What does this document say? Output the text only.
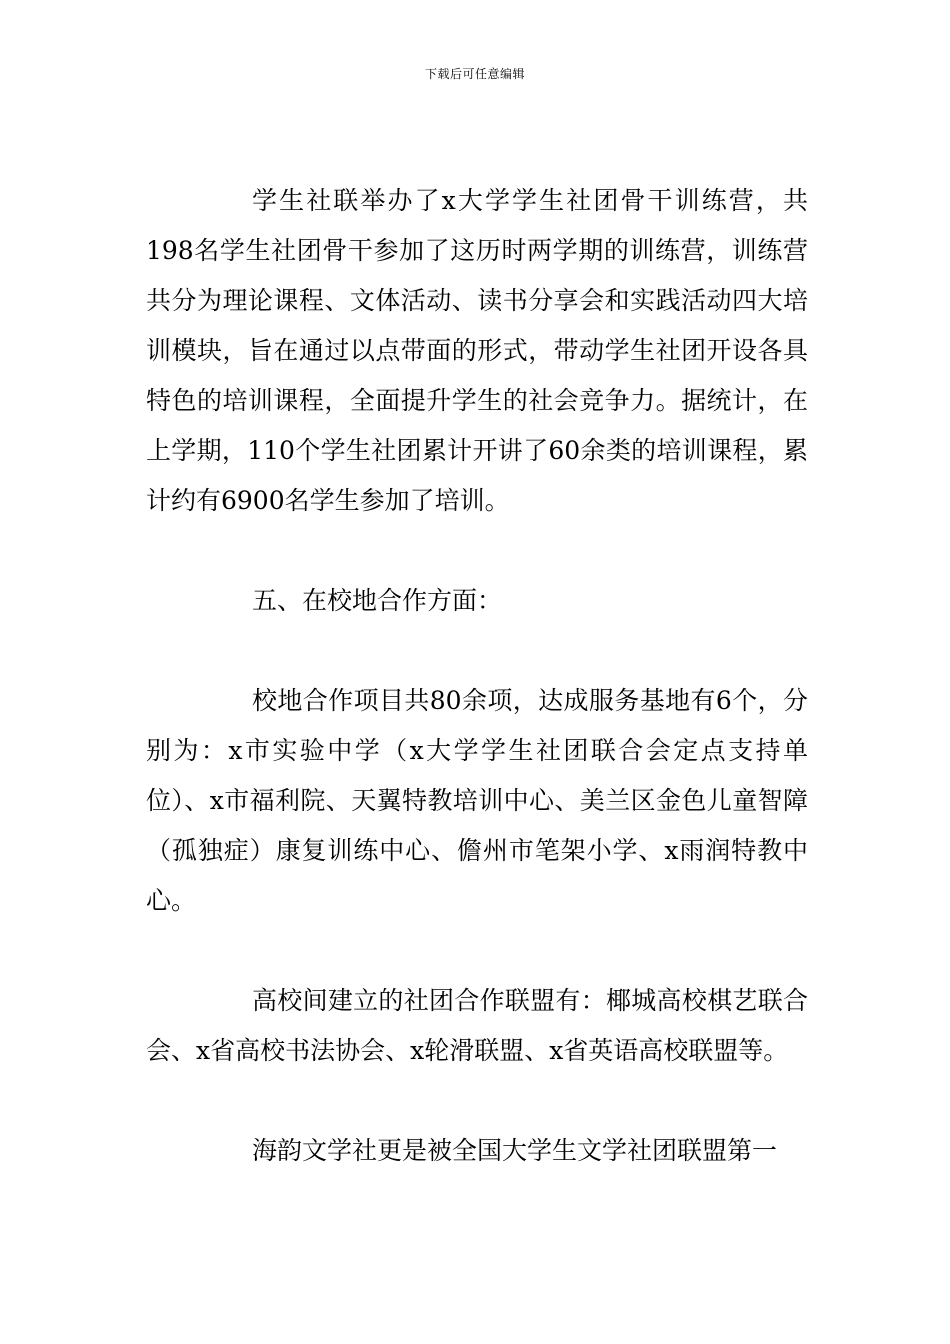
下载后可任意编辑

学生社联举办了x大学学生社团骨干训练营，共198名学生社团骨干参加了这历时两学期的训练营，训练营共分为理论课程、文体活动、读书分享会和实践活动四大培训模块，旨在通过以点带面的形式，带动学生社团开设各具特色的培训课程，全面提升学生的社会竞争力。据统计，在上学期，110个学生社团累计开讲了60余类的培训课程，累计约有6900名学生参加了培训。

五、在校地合作方面：

校地合作项目共80余项，达成服务基地有6个，分别为：x市实验中学（x大学学生社团联合会定点支持单位）、x市福利院、天翼特教培训中心、美兰区金色儿童智障（孤独症）康复训练中心、儋州市笔架小学、x雨润特教中心。

高校间建立的社团合作联盟有：椰城高校棋艺联合会、x省高校书法协会、x轮滑联盟、x省英语高校联盟等。

海韵文学社更是被全国大学生文学社团联盟第一
